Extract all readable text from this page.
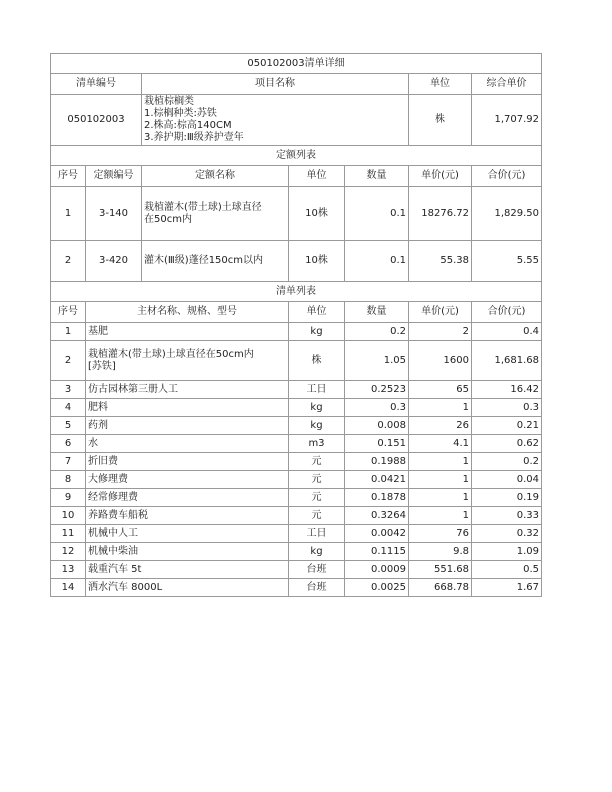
050102003清单详细						
清单编号		项目名称			单位	综合单价
050102003		栽植棕榈类
1.棕榈种类:苏铁
2.株高:棕高140CM
3.养护期:Ⅲ级养护壹年			株	1,707.92
定额列表						
序号	定额编号	定额名称	单位	数量	单价(元)	合价(元)
1	3-140	栽植灌木(带土球)土球直径
在50cm内	10株	0.1	18276.72	1,829.50
2	3-420	灌木(Ⅲ级)蓬径150cm以内	10株	0.1	55.38	5.55
清单列表						
序号	主材名称、规格、型号		单位	数量	单价(元)	合价(元)
1	基肥		kg	0.2	2	0.4
2	栽植灌木(带土球)土球直径在50cm内
[苏铁]		株	1.05	1600	1,681.68
3	仿古园林第三册人工		工日	0.2523	65	16.42
4	肥料		kg	0.3	1	0.3
5	药剂		kg	0.008	26	0.21
6	水		m3	0.151	4.1	0.62
7	折旧费		元	0.1988	1	0.2
8	大修理费		元	0.0421	1	0.04
9	经常修理费		元	0.1878	1	0.19
10	养路费车船税		元	0.3264	1	0.33
11	机械中人工		工日	0.0042	76	0.32
12	机械中柴油		kg	0.1115	9.8	1.09
13	载重汽车 5t		台班	0.0009	551.68	0.5
14	洒水汽车 8000L		台班	0.0025	668.78	1.67
